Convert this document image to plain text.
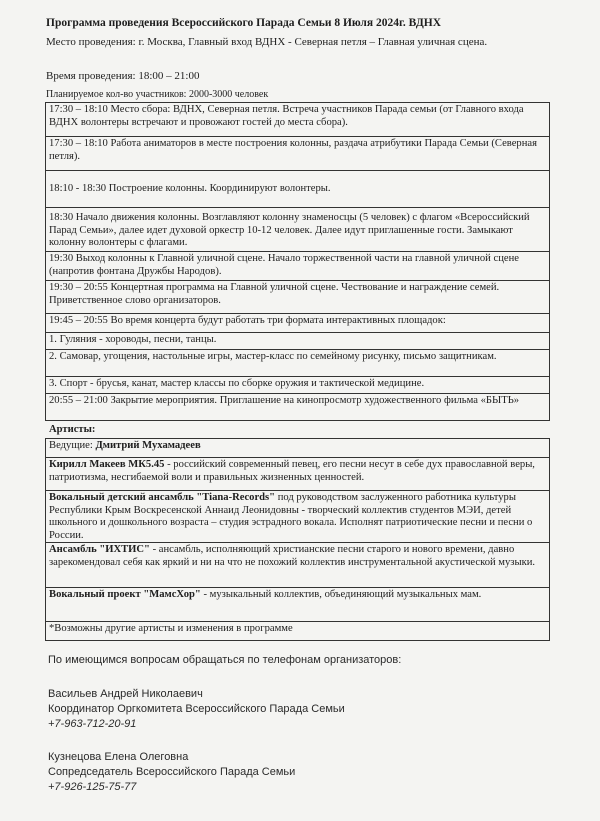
Программа проведения Всероссийского Парада Семьи 8 Июля 2024г. ВДНХ
Место проведения: г. Москва, Главный вход ВДНХ - Северная петля – Главная уличная сцена.
Время проведения: 18:00 – 21:00
Планируемое кол-во участников: 2000-3000 человек
17:30 – 18:10 Место сбора: ВДНХ, Северная петля. Встреча участников Парада семьи (от Главного входа ВДНХ волонтеры встречают и провожают гостей до места сбора).
17:30 – 18:10 Работа аниматоров в месте построения колонны, раздача атрибутики Парада Семьи (Северная петля).
18:10 - 18:30 Построение колонны. Координируют волонтеры.
18:30 Начало движения колонны. Возглавляют колонну знаменосцы (5 человек) с флагом «Всероссийский Парад Семьи», далее идет духовой оркестр 10-12 человек. Далее идут приглашенные гости. Замыкают колонну волонтеры с флагами.
19:30 Выход колонны к Главной уличной сцене. Начало торжественной части на главной уличной сцене (напротив фонтана Дружбы Народов).
19:30 – 20:55 Концертная программа на Главной уличной сцене. Чествование и награждение семей. Приветственное слово организаторов.
19:45 – 20:55 Во время концерта будут работать три формата интерактивных площадок:
1. Гуляния - хороводы, песни, танцы.
2. Самовар, угощения, настольные игры, мастер-класс по семейному рисунку, письмо защитникам.
3. Спорт - брусья, канат, мастер классы по сборке оружия и тактической медицине.
20:55 – 21:00 Закрытие мероприятия. Приглашение на кинопросмотр художественного фильма «БЫТЬ»
Артисты:
Ведущие: Дмитрий Мухамадеев
Кирилл Макеев МК5.45 - российский современный певец, его песни несут в себе дух православной веры, патриотизма, несгибаемой воли и правильных жизненных ценностей.
Вокальный детский ансамбль "Tiana-Records" под руководством заслуженного работника культуры Республики Крым Воскресенской Аннаид Леонидовны - творческий коллектив студентов МЭИ, детей школьного и дошкольного возраста – студия эстрадного вокала. Исполнят патриотические песни и песни о России.
Ансамбль "ИХТИС" - ансамбль, исполняющий христианские песни старого и нового времени, давно зарекомендовал себя как яркий и ни на что не похожий коллектив инструментальной акустической музыки.
Вокальный проект "МамсХор" - музыкальный коллектив, объединяющий музыкальных мам.
*Возможны другие артисты и изменения в программе
По имеющимся вопросам обращаться по телефонам организаторов:
Васильев Андрей Николаевич
Координатор Оргкомитета Всероссийского Парада Семьи
+7-963-712-20-91
Кузнецова Елена Олеговна
Сопредседатель Всероссийского Парада Семьи
+7-926-125-75-77
